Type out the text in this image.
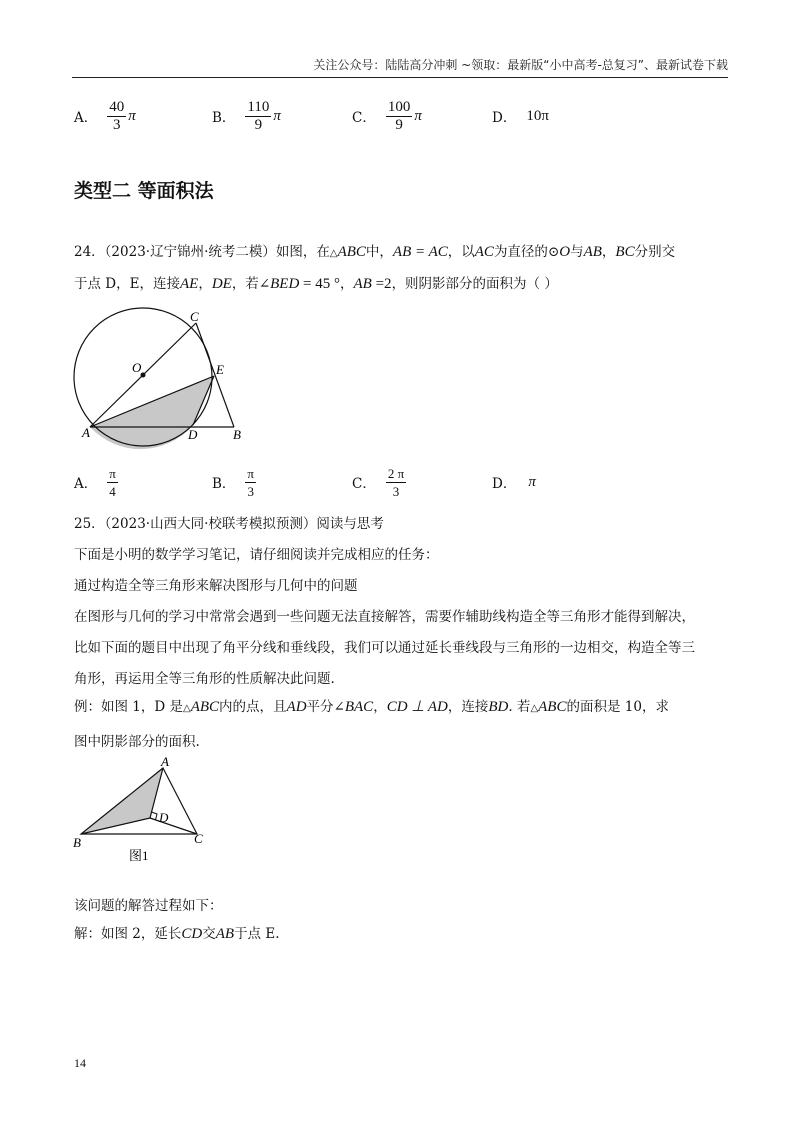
关注公众号：陆陆高分冲刺 ~领取：最新版“小中高考-总复习”、最新试卷下载
A． $\frac{40}{3}$ π	B． $\frac{110}{9}$ π	C． $\frac{100}{9}$ π	D． 10π
类型二 等面积法
24．（2023·辽宁锦州·统考二模）如图，在△ABC中，AB = AC，以AC为直径的⊙O与AB，BC分别交
于点 D，E，连接AE，DE，若∠BED = 45 °，AB =2，则阴影部分的面积为（ ）
C
O	E
A	D	B
A． $\frac{\pi}{4}$	B． $\frac{\pi}{3}$	C． $\frac{2 \pi}{3}$	D． π
25．（2023·山西大同·校联考模拟预测）阅读与思考
下面是小明的数学学习笔记，请仔细阅读并完成相应的任务：
通过构造全等三角形来解决图形与几何中的问题
在图形与几何的学习中常常会遇到一些问题无法直接解答，需要作辅助线构造全等三角形才能得到解决，
比如下面的题目中出现了角平分线和垂线段，我们可以通过延长垂线段与三角形的一边相交，构造全等三
角形，再运用全等三角形的性质解决此问题.
例：如图 1，D 是△ABC内的点，且AD平分∠BAC，CD ⊥ AD，连接BD. 若△ABC的面积是 10，求
图中阴影部分的面积.
A
D
B	C
图1
该问题的解答过程如下：
解：如图 2，延长CD交AB于点 E.
14
